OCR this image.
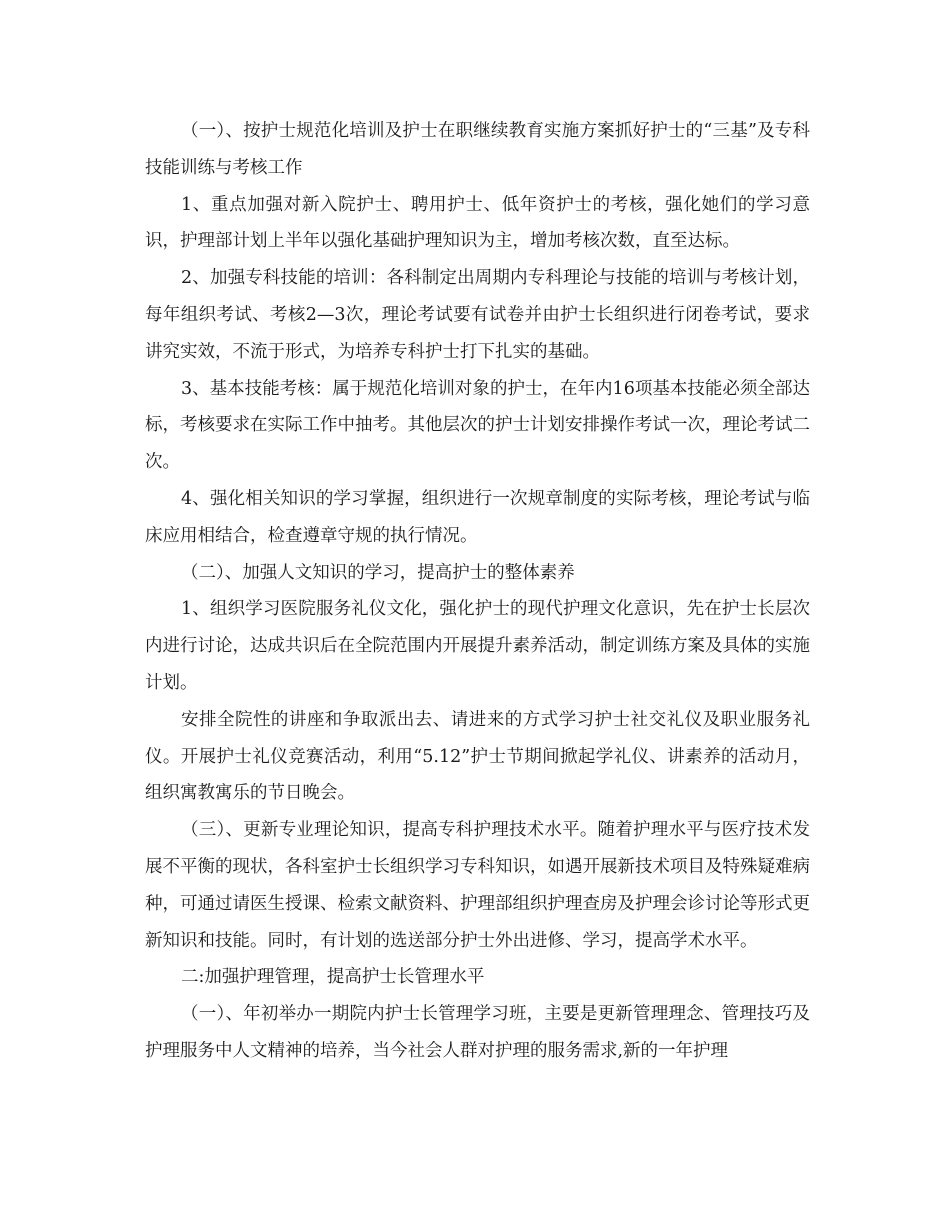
（一）、按护士规范化培训及护士在职继续教育实施方案抓好护士的“三基”及专科技能训练与考核工作

1、重点加强对新入院护士、聘用护士、低年资护士的考核，强化她们的学习意识，护理部计划上半年以强化基础护理知识为主，增加考核次数，直至达标。

2、加强专科技能的培训：各科制定出周期内专科理论与技能的培训与考核计划，每年组织考试、考核2—3次，理论考试要有试卷并由护士长组织进行闭卷考试，要求讲究实效，不流于形式，为培养专科护士打下扎实的基础。

3、基本技能考核：属于规范化培训对象的护士，在年内16项基本技能必须全部达标，考核要求在实际工作中抽考。其他层次的护士计划安排操作考试一次，理论考试二次。

4、强化相关知识的学习掌握，组织进行一次规章制度的实际考核，理论考试与临床应用相结合，检查遵章守规的执行情况。

（二）、加强人文知识的学习，提高护士的整体素养

1、组织学习医院服务礼仪文化，强化护士的现代护理文化意识，先在护士长层次内进行讨论，达成共识后在全院范围内开展提升素养活动，制定训练方案及具体的实施计划。

安排全院性的讲座和争取派出去、请进来的方式学习护士社交礼仪及职业服务礼仪。开展护士礼仪竞赛活动，利用“5.12”护士节期间掀起学礼仪、讲素养的活动月，组织寓教寓乐的节日晚会。

（三）、更新专业理论知识，提高专科护理技术水平。随着护理水平与医疗技术发展不平衡的现状，各科室护士长组织学习专科知识，如遇开展新技术项目及特殊疑难病种，可通过请医生授课、检索文献资料、护理部组织护理查房及护理会诊讨论等形式更新知识和技能。同时，有计划的选送部分护士外出进修、学习，提高学术水平。

二:加强护理管理，提高护士长管理水平

（一）、年初举办一期院内护士长管理学习班，主要是更新管理理念、管理技巧及护理服务中人文精神的培养，当今社会人群对护理的服务需求,新的一年护理
